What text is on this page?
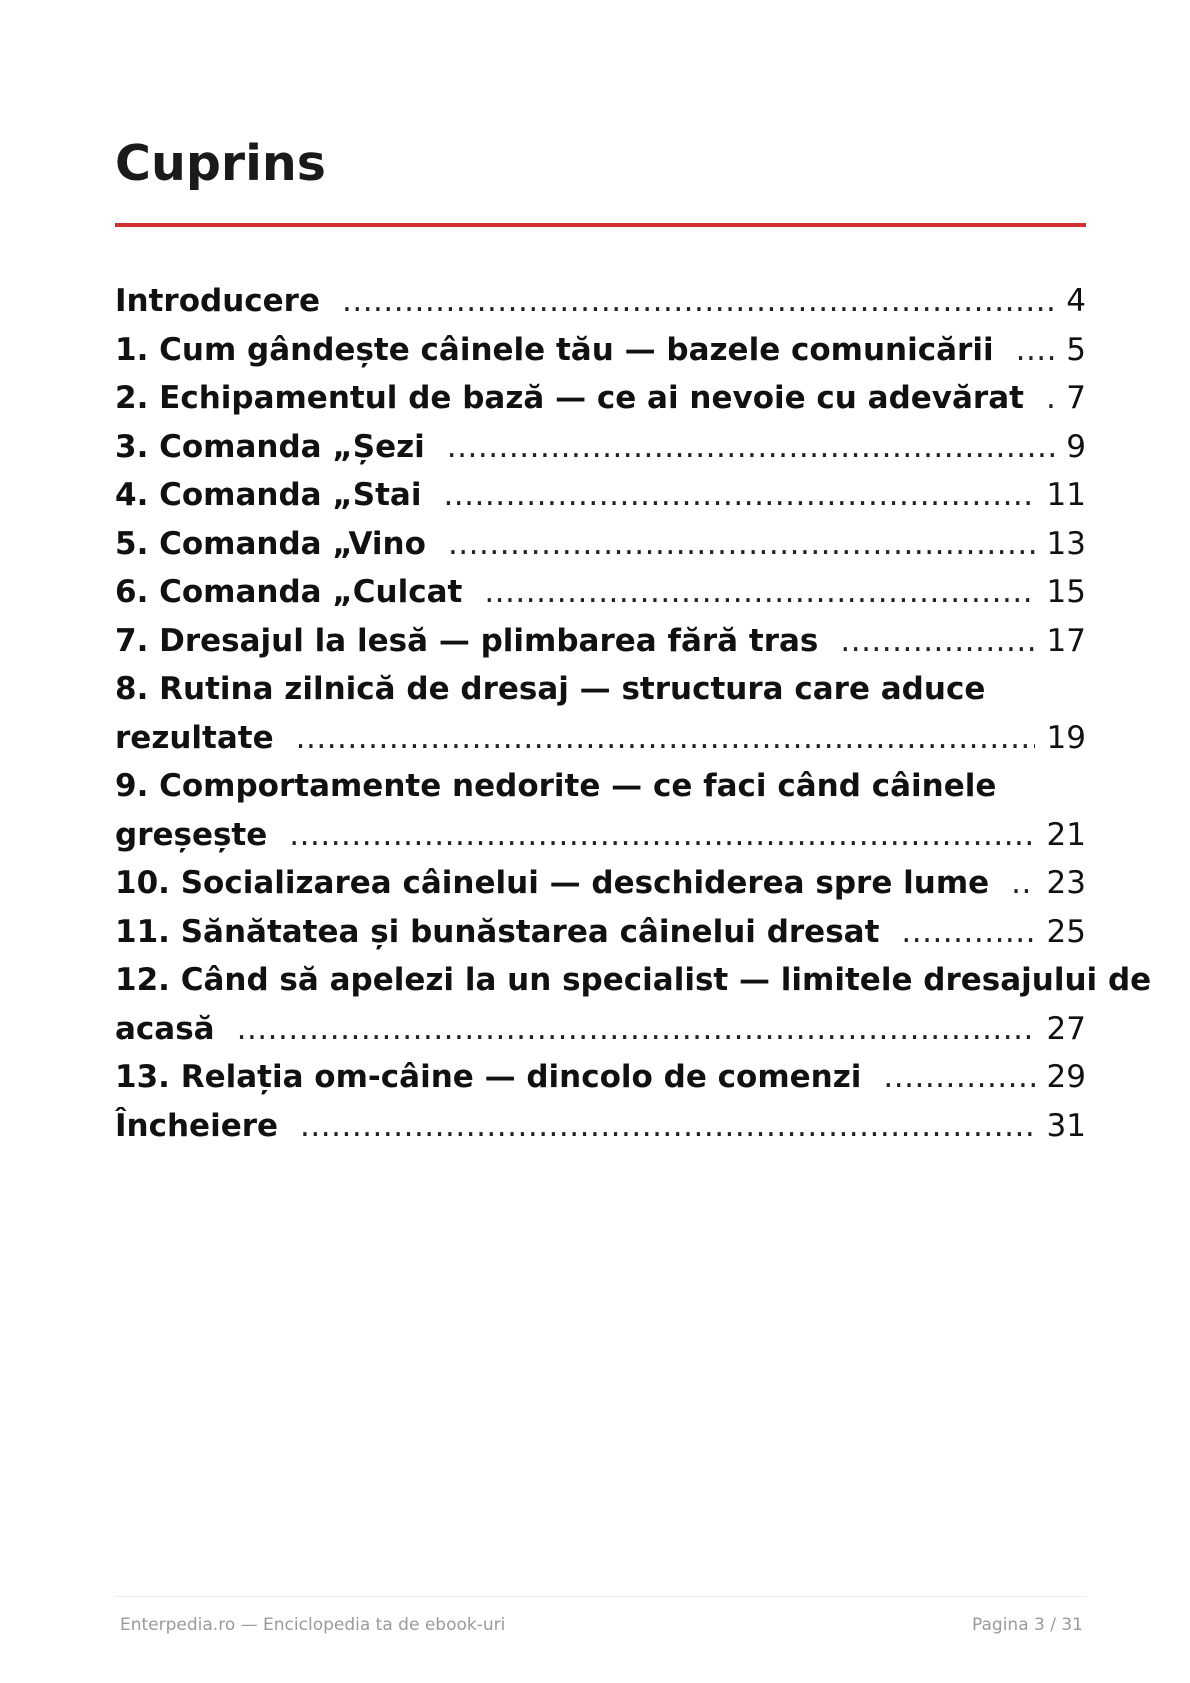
Cuprins
Introducere .....	4
1. Cum gândește câinele tău — bazele comunicării ..... 5
2. Echipamentul de bază — ce ai nevoie cu adevărat ..... 7
3. Comanda „Șezi .....	9
4. Comanda „Stai .....	11
5. Comanda „Vino .....	13
6. Comanda „Culcat .....	15
7. Dresajul la lesă — plimbarea fără tras .....	17
8. Rutina zilnică de dresaj — structura care aduce
rezultate .....	19
9. Comportamente nedorite — ce faci când câinele
greșește .....	21
10. Socializarea câinelui — deschiderea spre lume ..... 23
11. Sănătatea și bunăstarea câinelui dresat .....	25
12. Când să apelezi la un specialist — limitele dresajului de
acasă .....	27
13. Relația om-câine — dincolo de comenzi .....	29
Încheiere .....	31
Enterpedia.ro — Enciclopedia ta de ebook-uri	Pagina 3 / 31
